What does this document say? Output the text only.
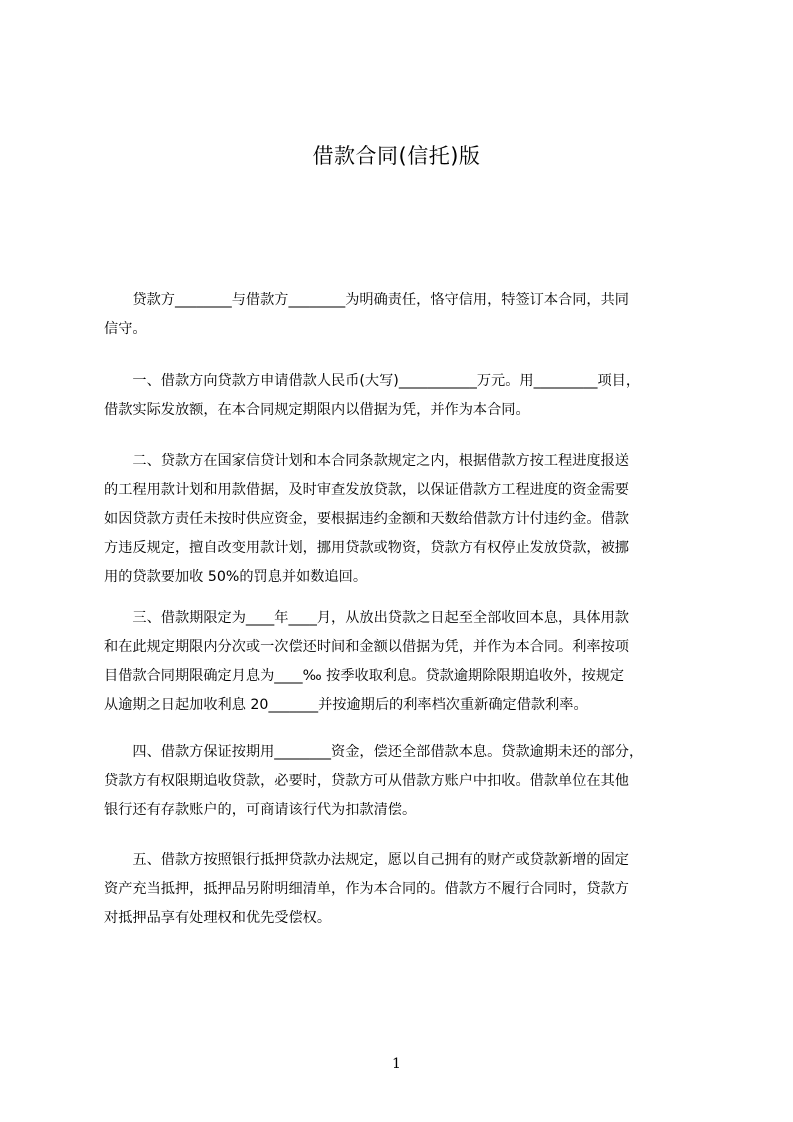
借款合同(信托)版

　　贷款方________与借款方________为明确责任，恪守信用，特签订本合同，共同
信守。

　　一、借款方向贷款方申请借款人民币(大写)___________万元。用_________项目，
借款实际发放额，在本合同规定期限内以借据为凭，并作为本合同。

　　二、贷款方在国家信贷计划和本合同条款规定之内，根据借款方按工程进度报送
的工程用款计划和用款借据，及时审查发放贷款，以保证借款方工程进度的资金需要
如因贷款方责任未按时供应资金，要根据违约金额和天数给借款方计付违约金。借款
方违反规定，擅自改变用款计划，挪用贷款或物资，贷款方有权停止发放贷款，被挪
用的贷款要加收 50%的罚息并如数追回。

　　三、借款期限定为____年____月，从放出贷款之日起至全部收回本息，具体用款
和在此规定期限内分次或一次偿还时间和金额以借据为凭，并作为本合同。利率按项
目借款合同期限确定月息为____‰ 按季收取利息。贷款逾期除限期追收外，按规定
从逾期之日起加收利息 20_______并按逾期后的利率档次重新确定借款利率。

　　四、借款方保证按期用________资金，偿还全部借款本息。贷款逾期未还的部分，
贷款方有权限期追收贷款，必要时，贷款方可从借款方账户中扣收。借款单位在其他
银行还有存款账户的，可商请该行代为扣款清偿。

　　五、借款方按照银行抵押贷款办法规定，愿以自己拥有的财产或贷款新增的固定
资产充当抵押，抵押品另附明细清单，作为本合同的。借款方不履行合同时，贷款方
对抵押品享有处理权和优先受偿权。

1
